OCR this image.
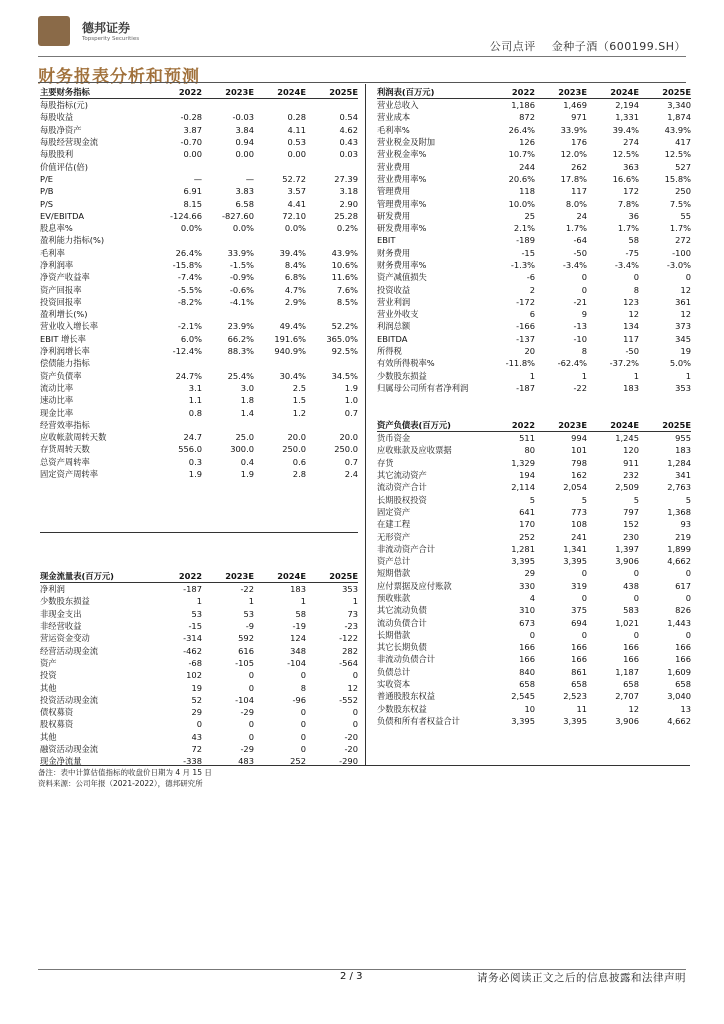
德邦证券
Topsperity Securities
公司点评 金种子酒（600199.SH）
财务报表分析和预测
主要财务指标	2022	2023E	2024E	2025E
每股指标(元)
每股收益	-0.28	-0.03	0.28	0.54
每股净资产	3.87	3.84	4.11	4.62
每股经营现金流	-0.70	0.94	0.53	0.43
每股股利	0.00	0.00	0.00	0.03
价值评估(倍)
P/E	—	—	52.72	27.39
P/B	6.91	3.83	3.57	3.18
P/S	8.15	6.58	4.41	2.90
EV/EBITDA	-124.66	-827.60	72.10	25.28
股息率%	0.0%	0.0%	0.0%	0.2%
盈利能力指标(%)
毛利率	26.4%	33.9%	39.4%	43.9%
净利润率	-15.8%	-1.5%	8.4%	10.6%
净资产收益率	-7.4%	-0.9%	6.8%	11.6%
资产回报率	-5.5%	-0.6%	4.7%	7.6%
投资回报率	-8.2%	-4.1%	2.9%	8.5%
盈利增长(%)
营业收入增长率	-2.1%	23.9%	49.4%	52.2%
EBIT 增长率	6.0%	66.2%	191.6%	365.0%
净利润增长率	-12.4%	88.3%	940.9%	92.5%
偿债能力指标
资产负债率	24.7%	25.4%	30.4%	34.5%
流动比率	3.1	3.0	2.5	1.9
速动比率	1.1	1.8	1.5	1.0
现金比率	0.8	1.4	1.2	0.7
经营效率指标
应收帐款周转天数	24.7	25.0	20.0	20.0
存货周转天数	556.0	300.0	250.0	250.0
总资产周转率	0.3	0.4	0.6	0.7
固定资产周转率	1.9	1.9	2.8	2.4
现金流量表(百万元)	2022	2023E	2024E	2025E
净利润	-187	-22	183	353
少数股东损益	1	1	1	1
非现金支出	53	53	58	73
非经营收益	-15	-9	-19	-23
营运资金变动	-314	592	124	-122
经营活动现金流	-462	616	348	282
资产	-68	-105	-104	-564
投资	102	0	0	0
其他	19	0	8	12
投资活动现金流	52	-104	-96	-552
债权募资	29	-29	0	0
股权募资	0	0	0	0
其他	43	0	0	-20
融资活动现金流	72	-29	0	-20
现金净流量	-338	483	252	-290
利润表(百万元)	2022	2023E	2024E	2025E
营业总收入	1,186	1,469	2,194	3,340
营业成本	872	971	1,331	1,874
毛利率%	26.4%	33.9%	39.4%	43.9%
营业税金及附加	126	176	274	417
营业税金率%	10.7%	12.0%	12.5%	12.5%
营业费用	244	262	363	527
营业费用率%	20.6%	17.8%	16.6%	15.8%
管理费用	118	117	172	250
管理费用率%	10.0%	8.0%	7.8%	7.5%
研发费用	25	24	36	55
研发费用率%	2.1%	1.7%	1.7%	1.7%
EBIT	-189	-64	58	272
财务费用	-15	-50	-75	-100
财务费用率%	-1.3%	-3.4%	-3.4%	-3.0%
资产减值损失	-6	0	0	0
投资收益	2	0	8	12
营业利润	-172	-21	123	361
营业外收支	6	9	12	12
利润总额	-166	-13	134	373
EBITDA	-137	-10	117	345
所得税	20	8	-50	19
有效所得税率%	-11.8%	-62.4%	-37.2%	5.0%
少数股东损益	1	1	1	1
归属母公司所有者净利润	-187	-22	183	353
资产负债表(百万元)	2022	2023E	2024E	2025E
货币资金	511	994	1,245	955
应收账款及应收票据	80	101	120	183
存货	1,329	798	911	1,284
其它流动资产	194	162	232	341
流动资产合计	2,114	2,054	2,509	2,763
长期股权投资	5	5	5	5
固定资产	641	773	797	1,368
在建工程	170	108	152	93
无形资产	252	241	230	219
非流动资产合计	1,281	1,341	1,397	1,899
资产总计	3,395	3,395	3,906	4,662
短期借款	29	0	0	0
应付票据及应付账款	330	319	438	617
预收账款	4	0	0	0
其它流动负债	310	375	583	826
流动负债合计	673	694	1,021	1,443
长期借款	0	0	0	0
其它长期负债	166	166	166	166
非流动负债合计	166	166	166	166
负债总计	840	861	1,187	1,609
实收资本	658	658	658	658
普通股股东权益	2,545	2,523	2,707	3,040
少数股东权益	10	11	12	13
负债和所有者权益合计	3,395	3,395	3,906	4,662
备注：表中计算估值指标的收盘价日期为 4 月 15 日
资料来源：公司年报（2021-2022），德邦研究所
2 / 3	请务必阅读正文之后的信息披露和法律声明
